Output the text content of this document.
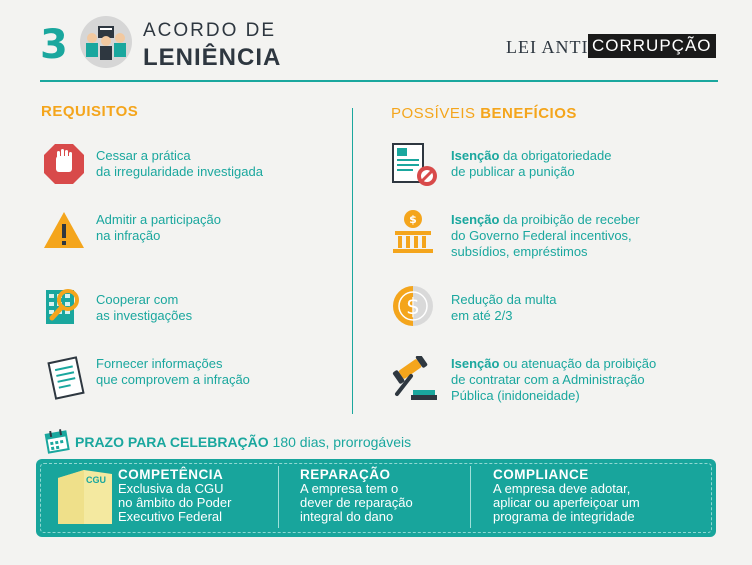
3	ACORDO DE
LENIÊNCIA	LEI ANTI CORRUPÇÃO
REQUISITOS
Cessar a prática
da irregularidade investigada
Admitir a participação
na infração
Cooperar com
as investigações
Fornecer informações
que comprovem a infração
POSSÍVEIS BENEFÍCIOS
Isenção da obrigatoriedade
de publicar a punição
$	Isenção da proibição de receber
do Governo Federal incentivos,
subsídios, empréstimos
$ Redução da multa
em até 2/3
Isenção ou atenuação da proibição
de contratar com a Administração
Pública (inidoneidade)
PRAZO PARA CELEBRAÇÃO 180 dias, prorrogáveis
CGU COMPETÊNCIA
Exclusiva da CGU
no âmbito do Poder
Executivo Federal
REPARAÇÃO
A empresa tem o
dever de reparação
integral do dano
COMPLIANCE
A empresa deve adotar,
aplicar ou aperfeiçoar um
programa de integridade
